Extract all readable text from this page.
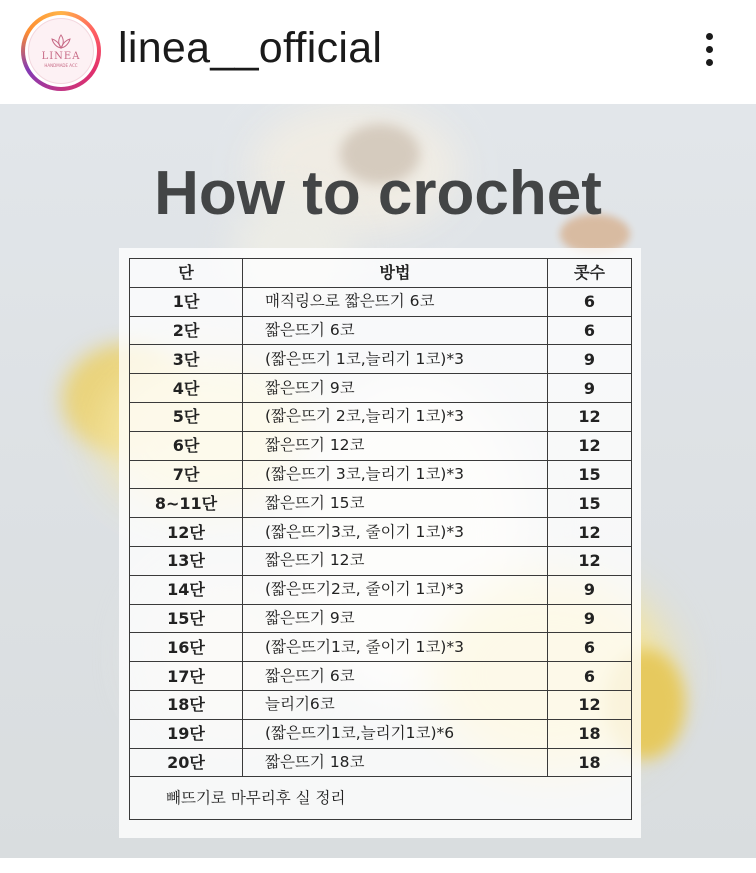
LINEA
HANDMADE ACC linea__official
How to crochet
단	방법	콧수
1단	매직링으로 짧은뜨기 6코	6
2단	짧은뜨기 6코	6
3단	(짧은뜨기 1코,늘리기 1코)*3	9
4단	짧은뜨기 9코	9
5단	(짧은뜨기 2코,늘리기 1코)*3	12
6단	짧은뜨기 12코	12
7단	(짧은뜨기 3코,늘리기 1코)*3	15
8~11단	짧은뜨기 15코	15
12단	(짧은뜨기3코, 줄이기 1코)*3	12
13단	짧은뜨기 12코	12
14단	(짧은뜨기2코, 줄이기 1코)*3	9
15단	짧은뜨기 9코	9
16단	(짧은뜨기1코, 줄이기 1코)*3	6
17단	짧은뜨기 6코	6
18단	늘리기6코	12
19단	(짧은뜨기1코,늘리기1코)*6	18
20단	짧은뜨기 18코	18
빼뜨기로 마무리후 실 정리		
